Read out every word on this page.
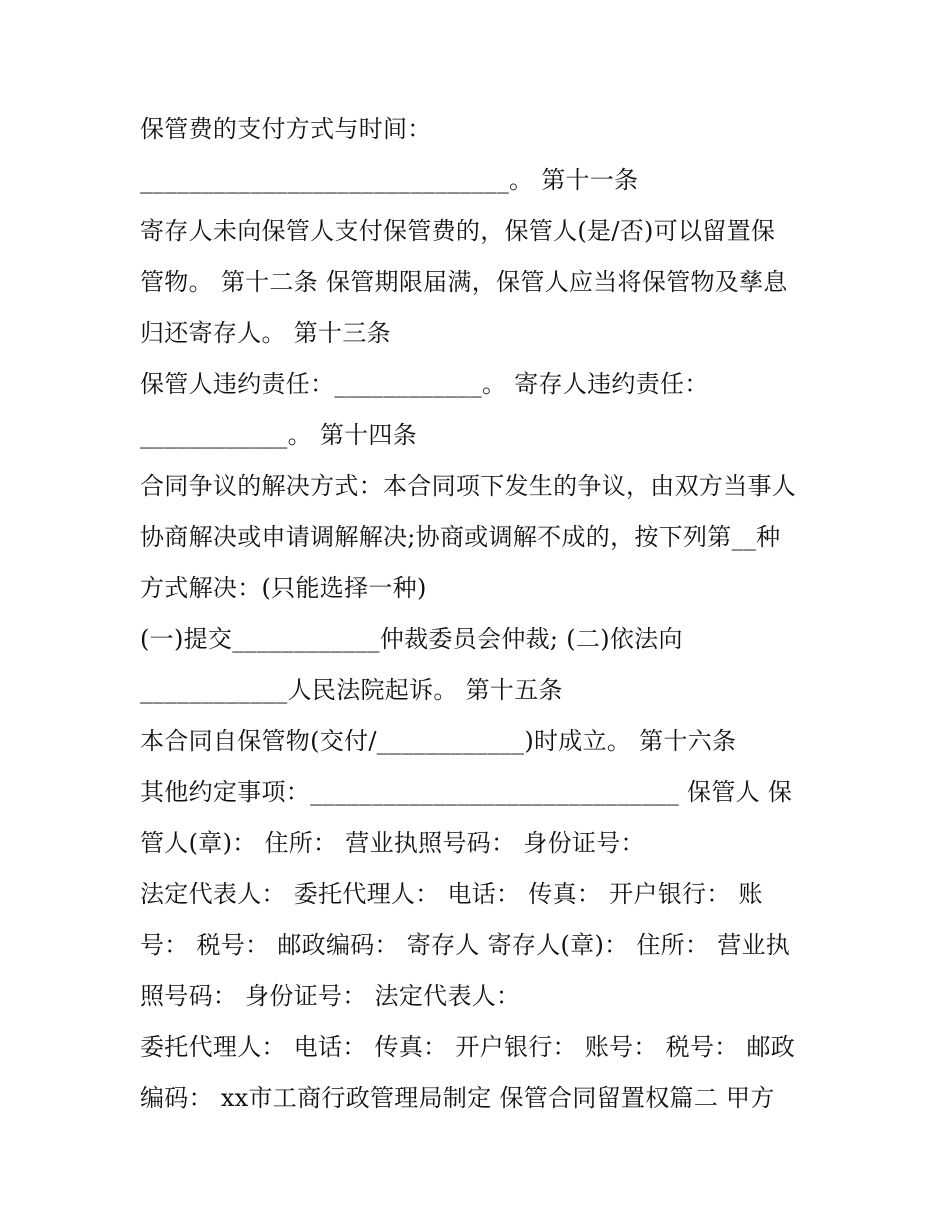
保管费的支付方式与时间：
______________________________。 第十一条
寄存人未向保管人支付保管费的，保管人(是/否)可以留置保
管物。 第十二条 保管期限届满，保管人应当将保管物及孳息
归还寄存人。 第十三条
保管人违约责任：____________。 寄存人违约责任：
____________。 第十四条
合同争议的解决方式：本合同项下发生的争议，由双方当事人
协商解决或申请调解解决;协商或调解不成的，按下列第__种
方式解决：(只能选择一种)
(一)提交____________仲裁委员会仲裁; (二)依法向
____________人民法院起诉。 第十五条
本合同自保管物(交付/____________)时成立。 第十六条
其他约定事项：______________________________ 保管人 保
管人(章)： 住所： 营业执照号码： 身份证号：
法定代表人： 委托代理人： 电话： 传真： 开户银行： 账
号： 税号： 邮政编码： 寄存人 寄存人(章)： 住所： 营业执
照号码： 身份证号： 法定代表人：
委托代理人： 电话： 传真： 开户银行： 账号： 税号： 邮政
编码： xx市工商行政管理局制定 保管合同留置权篇二 甲方
